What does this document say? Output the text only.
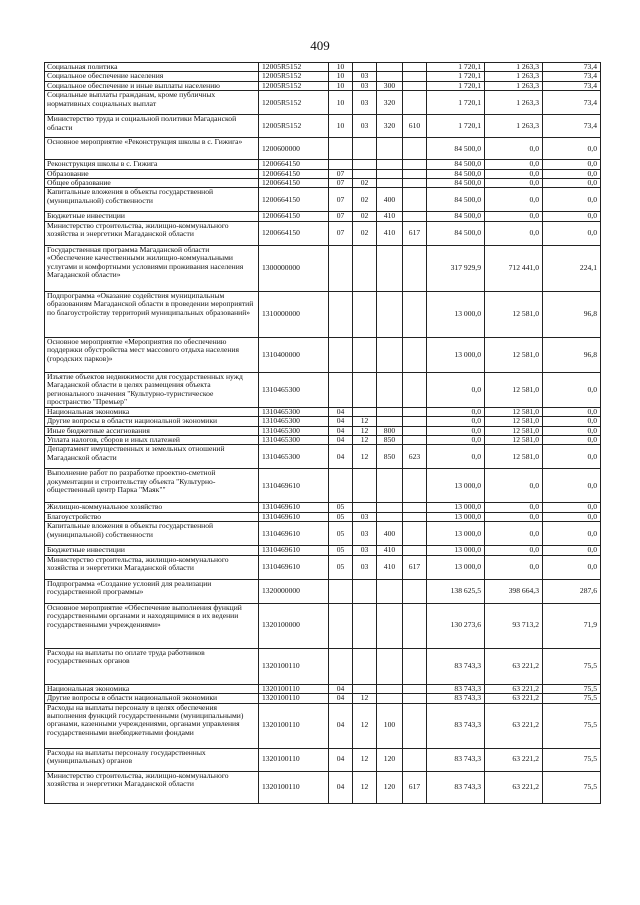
409
Социальная политика	12005R5152	10				1 720,1	1 263,3	73,4
Социальное обеспечение населения	12005R5152	10	03			1 720,1	1 263,3	73,4
Социальное обеспечение и иные выплаты населению	12005R5152	10	03	300		1 720,1	1 263,3	73,4
Социальные выплаты гражданам, кроме публичных нормативных социальных выплат	12005R5152	10	03	320		1 720,1	1 263,3	73,4
Министерство труда и социальной политики Магаданской области	12005R5152	10	03	320	610	1 720,1	1 263,3	73,4
Основное мероприятие «Реконструкция школы в с. Гижига»	1200600000					84 500,0	0,0	0,0
Реконструкция школы в с. Гижига	1200664150					84 500,0	0,0	0,0
Образование	1200664150	07				84 500,0	0,0	0,0
Общее образование	1200664150	07	02			84 500,0	0,0	0,0
Капитальные вложения в объекты государственной (муниципальной) собственности	1200664150	07	02	400		84 500,0	0,0	0,0
Бюджетные инвестиции	1200664150	07	02	410		84 500,0	0,0	0,0
Министерство строительства, жилищно-коммунального хозяйства и энергетики Магаданской области	1200664150	07	02	410	617	84 500,0	0,0	0,0
Государственная программа Магаданской области «Обеспечение качественными жилищно-коммунальными услугами и комфортными условиями проживания населения Магаданской области»	1300000000					317 929,9	712 441,0	224,1
Подпрограмма «Оказание содействия муниципальным образованиям Магаданской области в проведении мероприятий по благоустройству территорий муниципальных образований»	1310000000					13 000,0	12 581,0	96,8
Основное мероприятие «Мероприятия по обеспечению поддержки обустройства мест массового отдыха населения (городских парков)»	1310400000					13 000,0	12 581,0	96,8
Изъятие объектов недвижимости для государственных нужд Магаданской области в целях размещения объекта регионального значения "Культурно-туристическое пространство "Премьер"	1310465300					0,0	12 581,0	0,0
Национальная экономика	1310465300	04				0,0	12 581,0	0,0
Другие вопросы в области национальной экономики	1310465300	04	12			0,0	12 581,0	0,0
Иные бюджетные ассигнования	1310465300	04	12	800		0,0	12 581,0	0,0
Уплата налогов, сборов и иных платежей	1310465300	04	12	850		0,0	12 581,0	0,0
Департамент имущественных и земельных отношений Магаданской области	1310465300	04	12	850	623	0,0	12 581,0	0,0
Выполнение работ по разработке проектно-сметной документации и строительству объекта "Культурно-общественный центр Парка "Маяк""	1310469610					13 000,0	0,0	0,0
Жилищно-коммунальное хозяйство	1310469610	05				13 000,0	0,0	0,0
Благоустройство	1310469610	05	03			13 000,0	0,0	0,0
Капитальные вложения в объекты государственной (муниципальной) собственности	1310469610	05	03	400		13 000,0	0,0	0,0
Бюджетные инвестиции	1310469610	05	03	410		13 000,0	0,0	0,0
Министерство строительства, жилищно-коммунального хозяйства и энергетики Магаданской области	1310469610	05	03	410	617	13 000,0	0,0	0,0
Подпрограмма «Создание условий для реализации государственной программы»	1320000000					138 625,5	398 664,3	287,6
Основное мероприятие «Обеспечение выполнения функций государственными органами и находящимися в их ведении государственными учреждениями»	1320100000					130 273,6	93 713,2	71,9
Расходы на выплаты по оплате труда работников государственных органов	1320100110					83 743,3	63 221,2	75,5
Национальная экономика	1320100110	04				83 743,3	63 221,2	75,5
Другие вопросы в области национальной экономики	1320100110	04	12			83 743,3	63 221,2	75,5
Расходы на выплаты персоналу в целях обеспечения выполнения функций государственными (муниципальными) органами, казенными учреждениями, органами управления государственными внебюджетными фондами	1320100110	04	12	100		83 743,3	63 221,2	75,5
Расходы на выплаты персоналу государственных (муниципальных) органов	1320100110	04	12	120		83 743,3	63 221,2	75,5
Министерство строительства, жилищно-коммунального хозяйства и энергетики Магаданской области	1320100110	04	12	120	617	83 743,3	63 221,2	75,5
